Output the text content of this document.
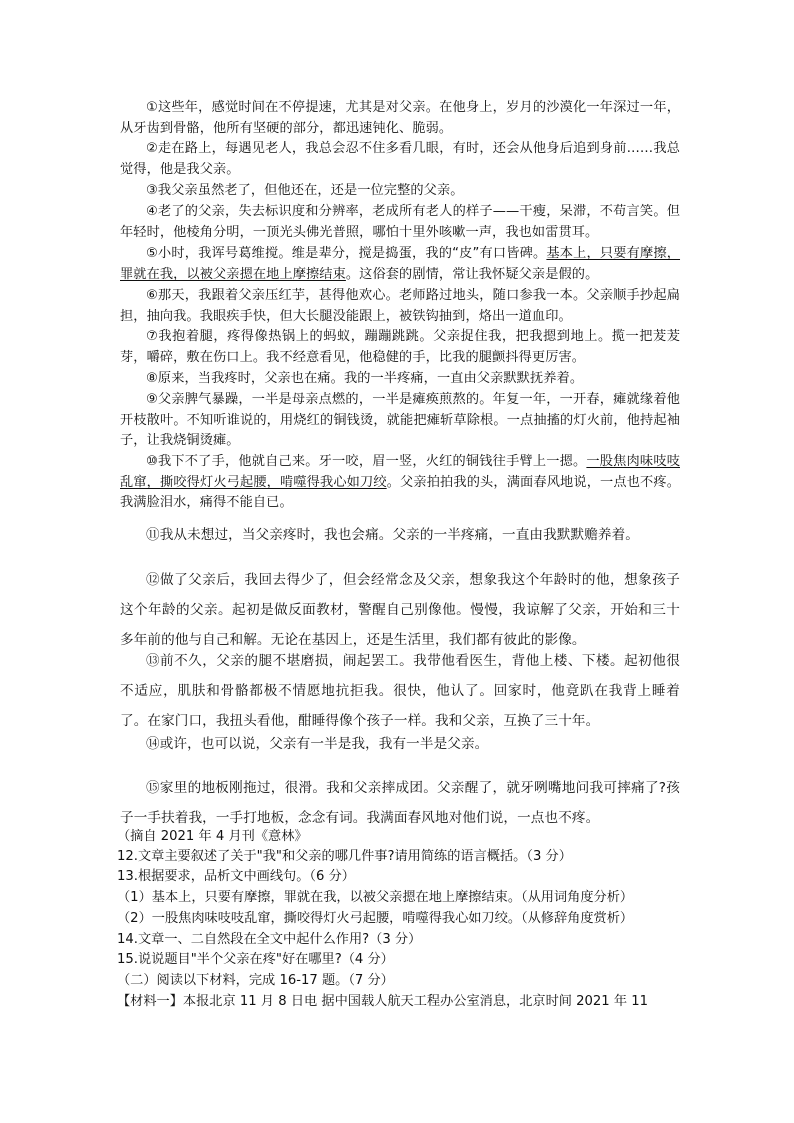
①这些年，感觉时间在不停提速，尤其是对父亲。在他身上，岁月的沙漠化一年深过一年，从牙齿到骨骼，他所有坚硬的部分，都迅速钝化、脆弱。

②走在路上，每遇见老人，我总会忍不住多看几眼，有时，还会从他身后追到身前……我总觉得，他是我父亲。

③我父亲虽然老了，但他还在，还是一位完整的父亲。

④老了的父亲，失去标识度和分辨率，老成所有老人的样子——干瘦，呆滞，不苟言笑。但年轻时，他棱角分明，一顶光头佛光普照，哪怕十里外咳嗽一声，我也如雷贯耳。

⑤小时，我诨号葛维搅。维是辈分，搅是捣蛋，我的“皮”有口皆碑。基本上，只要有摩擦，罪就在我，以被父亲摁在地上摩擦结束。这俗套的剧情，常让我怀疑父亲是假的。

⑥那天，我跟着父亲压红芋，甚得他欢心。老师路过地头，随口参我一本。父亲顺手抄起扁担，抽向我。我眼疾手快，但大长腿没能跟上，被铁钩抽到，烙出一道血印。

⑦我抱着腿，疼得像热锅上的蚂蚁，蹦蹦跳跳。父亲捉住我，把我摁到地上。揽一把茇茇芽，嚼碎，敷在伤口上。我不经意看见，他稳健的手，比我的腿颤抖得更厉害。

⑧原来，当我疼时，父亲也在痛。我的一半疼痛，一直由父亲默默抚养着。

⑨父亲脾气暴躁，一半是母亲点燃的，一半是瘫痪煎熬的。年复一年，一开春，瘫就缘着他开枝散叶。不知听谁说的，用烧红的铜钱烫，就能把瘫斩草除根。一点抽搐的灯火前，他持起袖子，让我烧铜烫瘫。

⑩我下不了手，他就自己来。牙一咬，眉一竖，火红的铜钱往手臂上一摁。一股焦肉味吱吱乱窜，撕咬得灯火弓起腰，啃噬得我心如刀绞。父亲拍拍我的头，满面春风地说，一点也不疼。我满脸泪水，痛得不能自已。

⑪我从未想过，当父亲疼时，我也会痛。父亲的一半疼痛，一直由我默默赡养着。

⑫做了父亲后，我回去得少了，但会经常念及父亲，想象我这个年龄时的他，想象孩子这个年龄的父亲。起初是做反面教材，警醒自己别像他。慢慢，我谅解了父亲，开始和三十多年前的他与自己和解。无论在基因上，还是生活里，我们都有彼此的影像。

⑬前不久，父亲的腿不堪磨损，闹起罢工。我带他看医生，背他上楼、下楼。起初他很不适应，肌肤和骨骼都极不情愿地抗拒我。很快，他认了。回家时，他竟趴在我背上睡着了。在家门口，我扭头看他，酣睡得像个孩子一样。我和父亲，互换了三十年。

⑭或许，也可以说，父亲有一半是我，我有一半是父亲。

⑮家里的地板刚拖过，很滑。我和父亲摔成团。父亲醒了，就牙咧嘴地问我可摔痛了?孩子一手扶着我，一手打地板，念念有词。我满面春风地对他们说，一点也不疼。

（摘自 2021 年 4 月刊《意林》

12.文章主要叙述了关于"我"和父亲的哪几件事?请用简练的语言概括。（3 分）

13.根据要求，品析文中画线句。（6 分）

（1）基本上，只要有摩擦，罪就在我，以被父亲摁在地上摩擦结束。（从用词角度分析）

（2）一股焦肉味吱吱乱窜，撕咬得灯火弓起腰，啃噬得我心如刀绞。（从修辞角度赏析）

14.文章一、二自然段在全文中起什么作用?（3 分）

15.说说题目"半个父亲在疼"好在哪里?（4 分）

（二）阅读以下材料，完成 16-17 题。（7 分）

【材料一】本报北京 11 月 8 日电 据中国载人航天工程办公室消息，北京时间 2021 年 11
